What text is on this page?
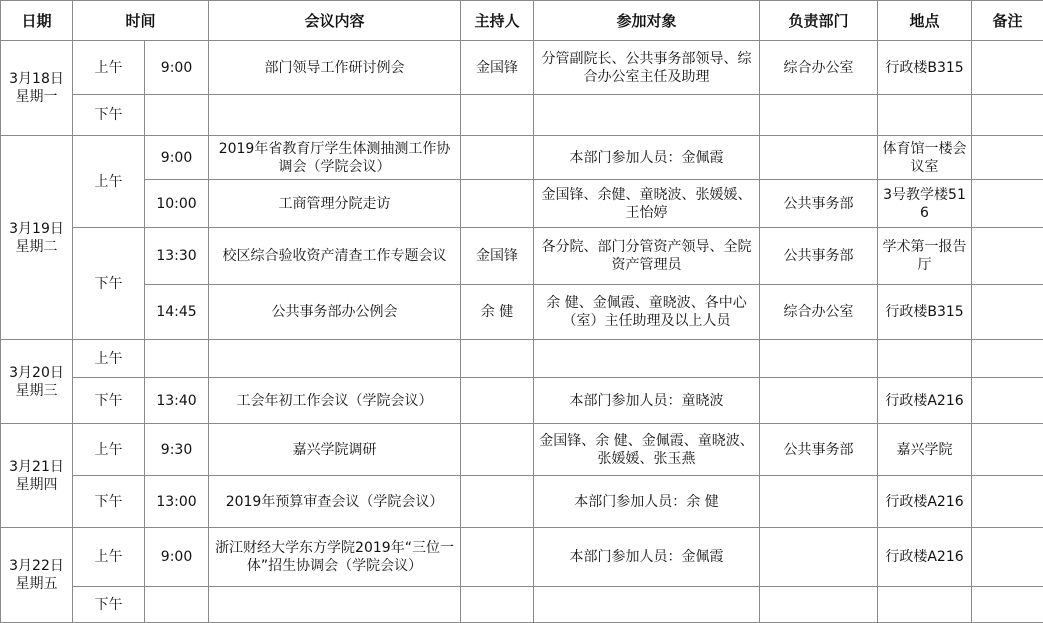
日期	时间		会议内容	主持人	参加对象	负责部门	地点	备注

3月18日
星期一	上午	9:00	部门领导工作研讨例会	金国锋	分管副院长、公共事务部领导、综合办公室主任及助理	综合办公室	行政楼B315	
	下午							

3月19日
星期二	上午	9:00	2019年省教育厅学生体测抽测工作协调会（学院会议）		本部门参加人员：金佩霞		体育馆一楼会议室	
		10:00	工商管理分院走访		金国锋、余健、童晓波、张媛媛、王怡婷	公共事务部	3号教学楼516	
	下午	13:30	校区综合验收资产清查工作专题会议	金国锋	各分院、部门分管资产领导、全院资产管理员	公共事务部	学术第一报告厅	
		14:45	公共事务部办公例会	余 健	余 健、金佩霞、童晓波、各中心（室）主任助理及以上人员	综合办公室	行政楼B315	

3月20日
星期三	上午							
	下午	13:40	工会年初工作会议（学院会议）		本部门参加人员：童晓波		行政楼A216	

3月21日
星期四	上午	9:30	嘉兴学院调研		金国锋、余 健、金佩霞、童晓波、张媛媛、张玉燕	公共事务部	嘉兴学院	
	下午	13:00	2019年预算审查会议（学院会议）		本部门参加人员：余 健		行政楼A216	

3月22日
星期五	上午	9:00	浙江财经大学东方学院2019年“三位一体”招生协调会（学院会议）		本部门参加人员：金佩霞		行政楼A216	
	下午							
